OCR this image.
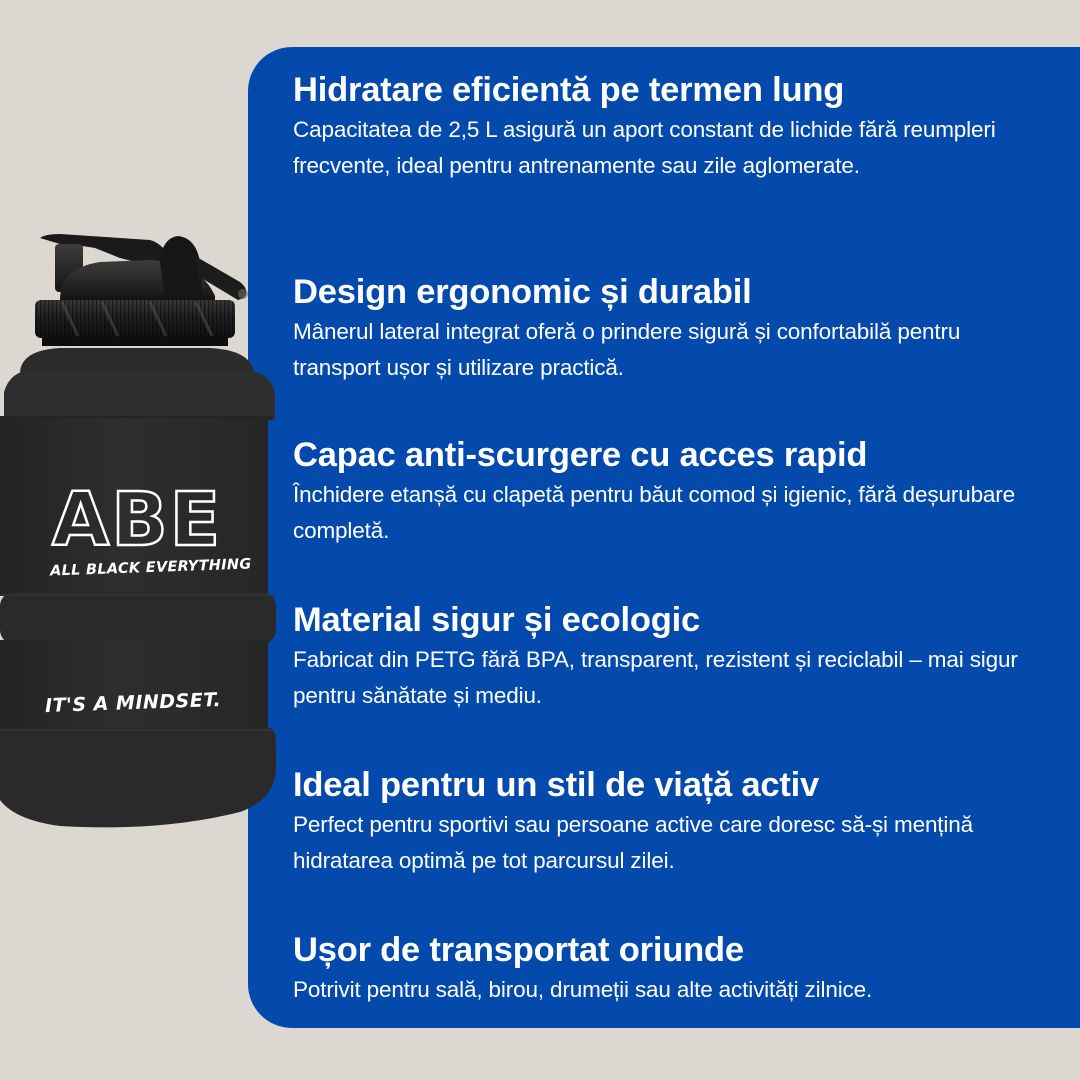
ABE
ALL BLACK EVERYTHING
IT'S A MINDSET.
Hidratare eficientă pe termen lung

Capacitatea de 2,5 L asigură un aport constant de lichide fără reumpleri frecvente, ideal pentru antrenamente sau zile aglomerate.

Design ergonomic și durabil

Mânerul lateral integrat oferă o prindere sigură și confortabilă pentru transport ușor și utilizare practică.

Capac anti-scurgere cu acces rapid

Închidere etanșă cu clapetă pentru băut comod și igienic, fără deșurubare completă.

Material sigur și ecologic

Fabricat din PETG fără BPA, transparent, rezistent și reciclabil – mai sigur pentru sănătate și mediu.

Ideal pentru un stil de viață activ

Perfect pentru sportivi sau persoane active care doresc să-și mențină hidratarea optimă pe tot parcursul zilei.

Ușor de transportat oriunde

Potrivit pentru sală, birou, drumeții sau alte activități zilnice.
